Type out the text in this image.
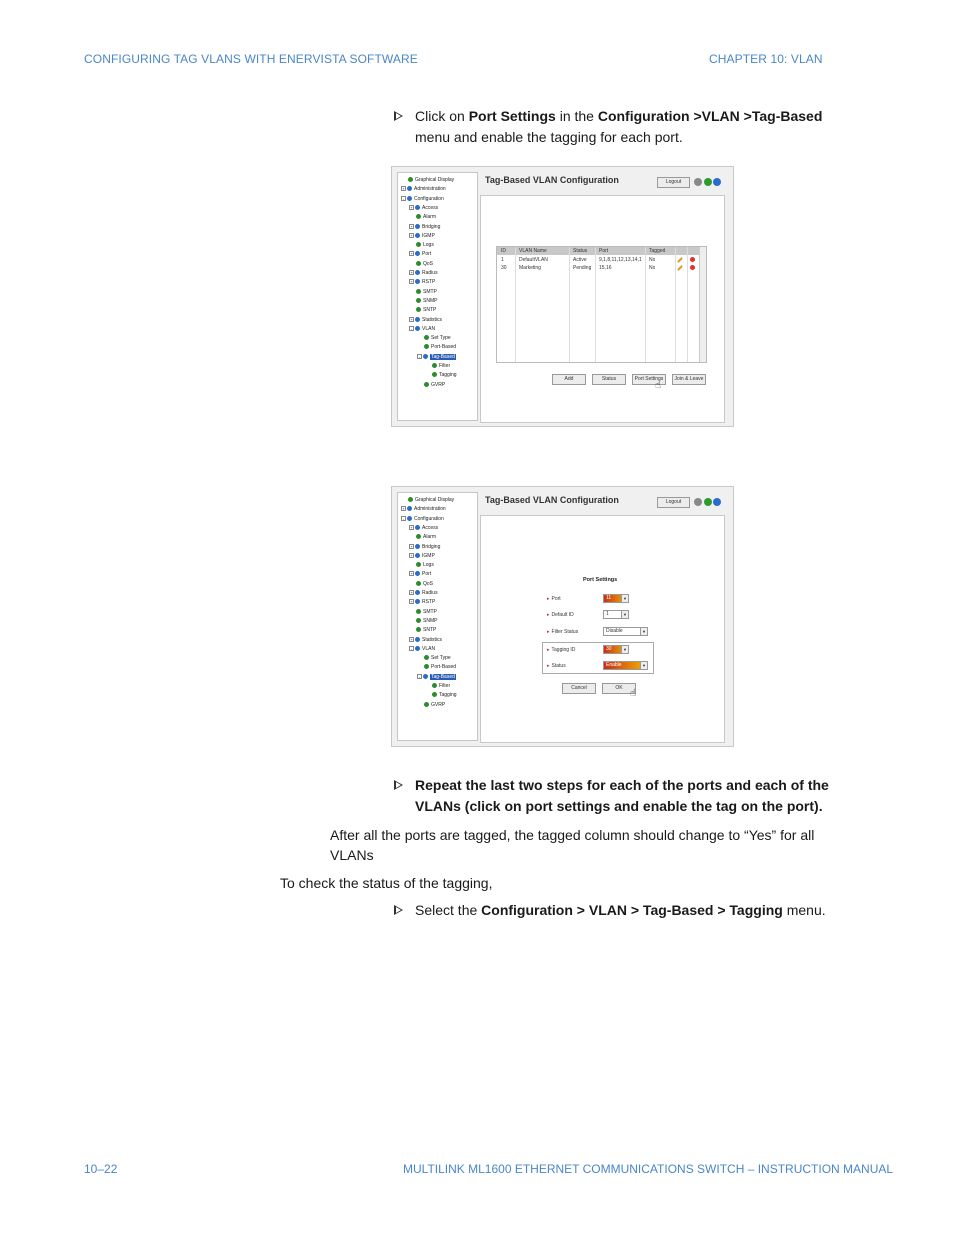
CONFIGURING TAG VLANS WITH ENERVISTA SOFTWARE	CHAPTER 10: VLAN
Click on Port Settings in the Configuration >VLAN >Tag-Based menu and enable the tagging for each port.
Graphical Display
+ Administration
- Configuration
+ Access
Alarm
+ Bridging
+ IGMP
Logs
+ Port
QoS
+ Radius
+ RSTP
SMTP
SNMP
SNTP
+ Statistics
- VLAN
Set Type
Port-Based
- Tag-Based
Filter
Tagging
GVRP
Tag-Based VLAN Configuration	Logout
ID	VLAN Name	Status Port	Tagged
1	DefaultVLAN	Active 9,1,8,11,12,13,14,1	No
30 Marketing	Pending 15,16	No
Add	Status	Port Settings	Join & Leave
☝
Graphical Display
+ Administration
- Configuration
+ Access
Alarm
+ Bridging
+ IGMP
Logs
+ Port
QoS
+ Radius
+ RSTP
SMTP
SNMP
SNTP
+ Statistics
- VLAN
Set Type
Port-Based
- Tag-Based
Filter
Tagging
GVRP
Tag-Based VLAN Configuration	Logout
Port Settings
▸ Port	11	▼
▸ Default ID	1	▼
▸ Filter Status	Disable	▼
▸ Tagging ID	30	▼
▸ Status	Enable	▼
Cancel	OK ☝
Repeat the last two steps for each of the ports and each of the VLANs (click on port settings and enable the tag on the port).
After all the ports are tagged, the tagged column should change to “Yes” for all VLANs
To check the status of the tagging,
Select the Configuration > VLAN > Tag-Based > Tagging menu.
10–22	MULTILINK ML1600 ETHERNET COMMUNICATIONS SWITCH – INSTRUCTION MANUAL
